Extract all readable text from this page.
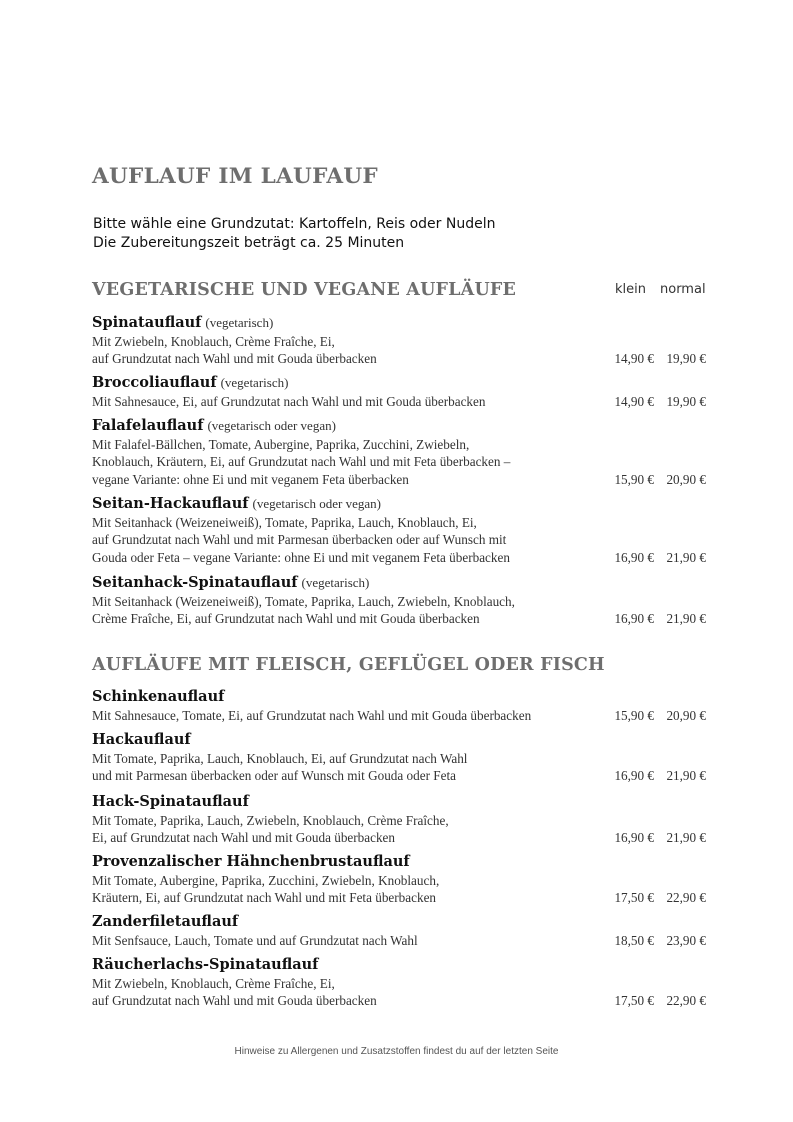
AUFLAUF IM LAUFAUF
Bitte wähle eine Grundzutat: Kartoffeln, Reis oder Nudeln
Die Zubereitungszeit beträgt ca. 25 Minuten
VEGETARISCHE UND VEGANE AUFLÄUFE	klein normal
AUFLÄUFE MIT FLEISCH, GEFLÜGEL ODER FISCH
Spinatauflauf (vegetarisch)
Mit Zwiebeln, Knoblauch, Crème Fraîche, Ei,
auf Grundzutat nach Wahl und mit Gouda überbacken	14,90 € 19,90 €
Broccoliauflauf (vegetarisch)
Mit Sahnesauce, Ei, auf Grundzutat nach Wahl und mit Gouda überbacken	14,90 € 19,90 €
Falafelauflauf (vegetarisch oder vegan)
Mit Falafel-Bällchen, Tomate, Aubergine, Paprika, Zucchini, Zwiebeln,
Knoblauch, Kräutern, Ei, auf Grundzutat nach Wahl und mit Feta überbacken –
vegane Variante: ohne Ei und mit veganem Feta überbacken	15,90 € 20,90 €
Seitan-Hackauflauf (vegetarisch oder vegan)
Mit Seitanhack (Weizeneiweiß), Tomate, Paprika, Lauch, Knoblauch, Ei,
auf Grundzutat nach Wahl und mit Parmesan überbacken oder auf Wunsch mit
Gouda oder Feta – vegane Variante: ohne Ei und mit veganem Feta überbacken	16,90 € 21,90 €
Seitanhack-Spinatauflauf (vegetarisch)
Mit Seitanhack (Weizeneiweiß), Tomate, Paprika, Lauch, Zwiebeln, Knoblauch,
Crème Fraîche, Ei, auf Grundzutat nach Wahl und mit Gouda überbacken	16,90 € 21,90 €
Schinkenauflauf
Mit Sahnesauce, Tomate, Ei, auf Grundzutat nach Wahl und mit Gouda überbacken	15,90 € 20,90 €
Hackauflauf
Mit Tomate, Paprika, Lauch, Knoblauch, Ei, auf Grundzutat nach Wahl
und mit Parmesan überbacken oder auf Wunsch mit Gouda oder Feta	16,90 € 21,90 €
Hack-Spinatauflauf
Mit Tomate, Paprika, Lauch, Zwiebeln, Knoblauch, Crème Fraîche,
Ei, auf Grundzutat nach Wahl und mit Gouda überbacken	16,90 € 21,90 €
Provenzalischer Hähnchenbrustauflauf
Mit Tomate, Aubergine, Paprika, Zucchini, Zwiebeln, Knoblauch,
Kräutern, Ei, auf Grundzutat nach Wahl und mit Feta überbacken	17,50 € 22,90 €
Zanderfiletauflauf
Mit Senfsauce, Lauch, Tomate und auf Grundzutat nach Wahl	18,50 € 23,90 €
Räucherlachs-Spinatauflauf
Mit Zwiebeln, Knoblauch, Crème Fraîche, Ei,
auf Grundzutat nach Wahl und mit Gouda überbacken	17,50 € 22,90 €
Hinweise zu Allergenen und Zusatzstoffen findest du auf der letzten Seite
